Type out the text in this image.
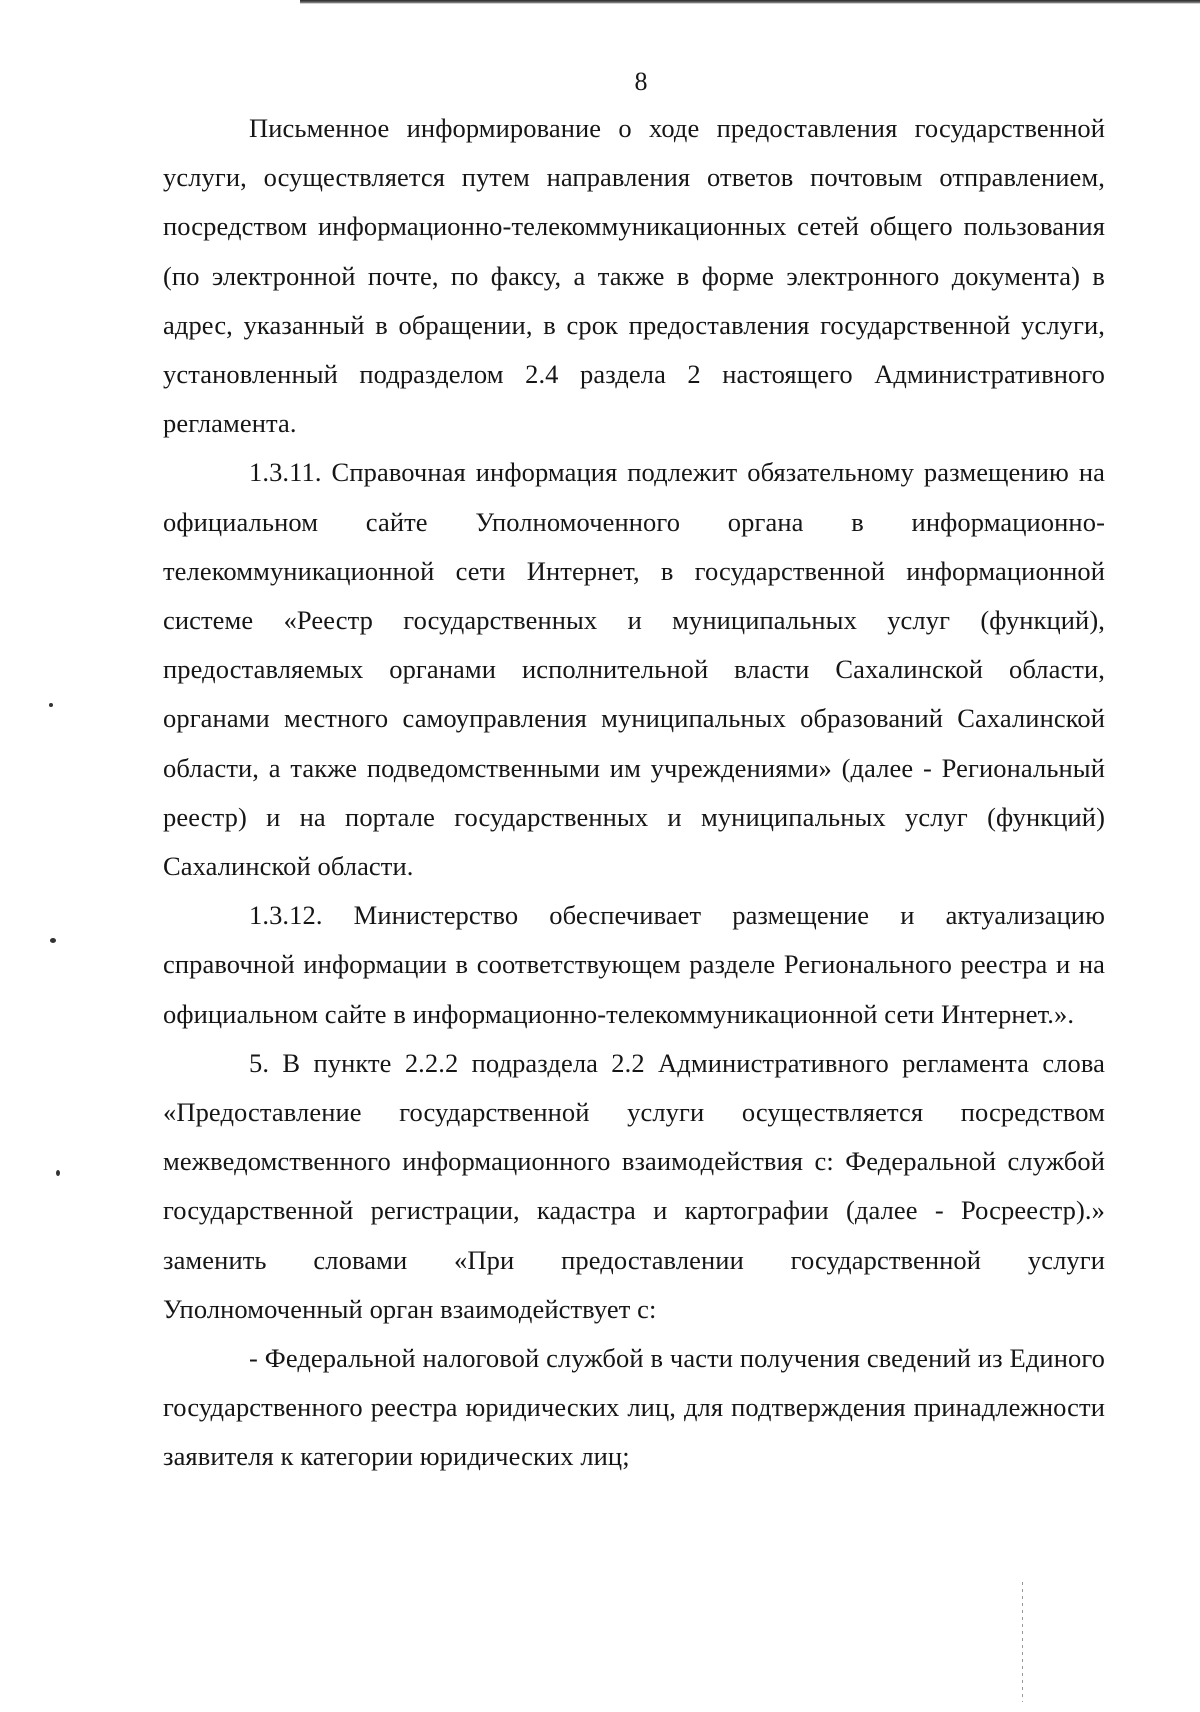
8

Письменное информирование о ходе предоставления государственной услуги, осуществляется путем направления ответов почтовым отправлением, посредством информационно-телекоммуникационных сетей общего пользования (по электронной почте, по факсу, а также в форме электронного документа) в адрес, указанный в обращении, в срок предоставления государственной услуги, установленный подразделом 2.4 раздела 2 настоящего Административного регламента.

1.3.11. Справочная информация подлежит обязательному размещению на официальном сайте Уполномоченного органа в информационно-телекоммуникационной сети Интернет, в государственной информационной системе «Реестр государственных и муниципальных услуг (функций), предоставляемых органами исполнительной власти Сахалинской области, органами местного самоуправления муниципальных образований Сахалинской области, а также подведомственными им учреждениями» (далее - Региональный реестр) и на портале государственных и муниципальных услуг (функций) Сахалинской области.

1.3.12. Министерство обеспечивает размещение и актуализацию справочной информации в соответствующем разделе Регионального реестра и на официальном сайте в информационно-телекоммуникационной сети Интернет.».

5. В пункте 2.2.2 подраздела 2.2 Административного регламента слова «Предоставление государственной услуги осуществляется посредством межведомственного информационного взаимодействия с: Федеральной службой государственной регистрации, кадастра и картографии (далее - Росреестр).» заменить словами «При предоставлении государственной услуги Уполномоченный орган взаимодействует с:

- Федеральной налоговой службой в части получения сведений из Единого государственного реестра юридических лиц, для подтверждения принадлежности заявителя к категории юридических лиц;
